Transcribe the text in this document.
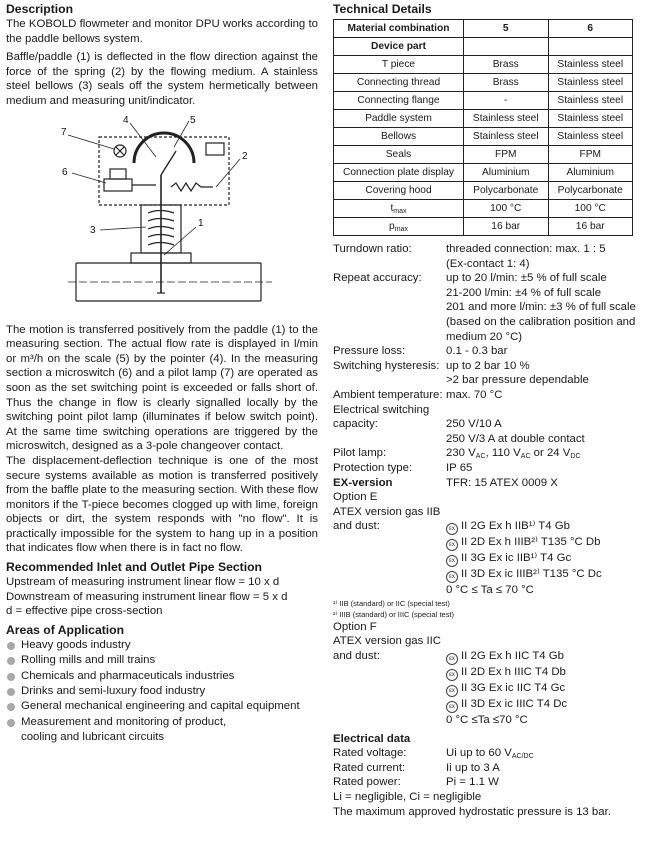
Description

The KOBOLD flowmeter and monitor DPU works according to the paddle bellows system.

Baffle/paddle (1) is deflected in the flow direction against the force of the spring (2) by the flowing medium. A stainless steel bellows (3) seals off the system hermetically between medium and measuring unit/indicator.

1
2
3
4	5
6
7

The motion is transferred positively from the paddle (1) to the measuring section. The actual flow rate is displayed in l/min or m³/h on the scale (5) by the pointer (4). In the measuring section a microswitch (6) and a pilot lamp (7) are operated as soon as the set switching point is exceeded or falls short of. Thus the change in flow is clearly signalled locally by the switching point pilot lamp (illuminates if below switch point). At the same time switching operations are triggered by the microswitch, designed as a 3-pole changeover contact.

The displacement-deflection technique is one of the most secure systems available as motion is transferred positively from the baffle plate to the measuring section. With these flow monitors if the T-piece becomes clogged up with lime, foreign objects or dirt, the system responds with "no flow". It is practically impossible for the system to hang up in a position that indicates flow when there is in fact no flow.

Recommended Inlet and Outlet Pipe Section
Upstream of measuring instrument linear flow = 10 x d
Downstream of measuring instrument linear flow = 5 x d
d = effective pipe cross-section
Areas of Application
Heavy goods industry
Rolling mills and mill trains
Chemicals and pharmaceuticals industries
Drinks and semi-luxury food industry
General mechanical engineering and capital equipment
Measurement and monitoring of product, cooling and lubricant circuits
Technical Details
Material combination	5	6
Device part		
T piece	Brass	Stainless steel
Connecting thread	Brass	Stainless steel
Connecting flange	-	Stainless steel
Paddle system	Stainless steel	Stainless steel
Bellows	Stainless steel	Stainless steel
Seals	FPM	FPM
Connection plate display	Aluminium	Aluminium
Covering hood	Polycarbonate	Polycarbonate
$t_{max}$	100 °C	100 °C
$p_{max}$	16 bar	16 bar
Turndown ratio:	threaded connection: max. 1 : 5
(Ex-contact 1: 4)
Repeat accuracy:	up to 20 l/min: ±5 % of full scale
21-200 l/min: ±4 % of full scale
201 and more l/min: ±3 % of full scale (based on the calibration position and medium 20 °C)
Pressure loss:	0.1 - 0.3 bar
Switching hysteresis: up to 2 bar 10 %
>2 bar pressure dependable
Ambient temperature: max. 70 °C
Electrical switching
capacity:	250 V/10 A
250 V/3 A at double contact
Pilot lamp:	230 $V_{AC}$, 110 $V_{AC}$ or 24 $V_{DC}$
Protection type:	IP 65
EX-version	TFR: 15 ATEX 0009 X
Option E
ATEX version gas IIB
and dust:	εx II 2G Ex h IIB¹⁾ T4 Gb
εx II 2D Ex h IIIB²⁾ T135 °C Db
εx II 3G Ex ic IIB¹⁾ T4 Gc
εx II 3D Ex ic IIIB²⁾ T135 °C Dc
0 °C ≤ Ta ≤ 70 °C
¹⁾ IIB (standard) or IIC (special test)
²⁾ IIIB (standard) or IIIC (special test)
Option F
ATEX version gas IIC
and dust:	εx II 2G Ex h IIC T4 Gb
εx II 2D Ex h IIIC T4 Db
εx II 3G Ex ic IIC T4 Gc
εx II 3D Ex ic IIIC T4 Dc
0 °C ≤Ta ≤70 °C
Electrical data
Rated voltage:	Ui up to 60 $V_{AC/DC}$
Rated current:	Ii up to 3 A
Rated power:	Pi = 1.1 W
Li = negligible, Ci = negligible
The maximum approved hydrostatic pressure is 13 bar.
